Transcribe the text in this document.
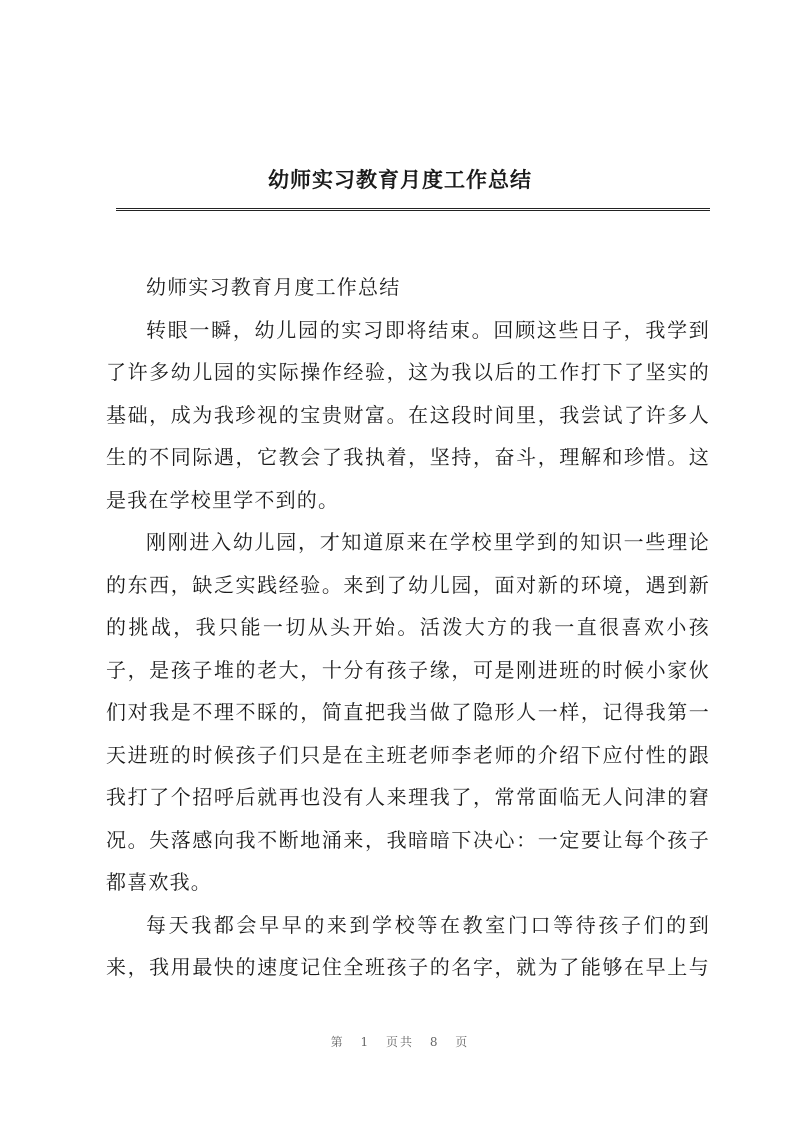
幼师实习教育月度工作总结
幼师实习教育月度工作总结
转眼一瞬，幼儿园的实习即将结束。回顾这些日子，我学到
了许多幼儿园的实际操作经验，这为我以后的工作打下了坚实的
基础，成为我珍视的宝贵财富。在这段时间里，我尝试了许多人
生的不同际遇，它教会了我执着，坚持，奋斗，理解和珍惜。这
是我在学校里学不到的。
刚刚进入幼儿园，才知道原来在学校里学到的知识一些理论
的东西，缺乏实践经验。来到了幼儿园，面对新的环境，遇到新
的挑战，我只能一切从头开始。活泼大方的我一直很喜欢小孩
子，是孩子堆的老大，十分有孩子缘，可是刚进班的时候小家伙
们对我是不理不睬的，简直把我当做了隐形人一样，记得我第一
天进班的时候孩子们只是在主班老师李老师的介绍下应付性的跟
我打了个招呼后就再也没有人来理我了，常常面临无人问津的窘
况。失落感向我不断地涌来，我暗暗下决心：一定要让每个孩子
都喜欢我。
每天我都会早早的来到学校等在教室门口等待孩子们的到
来，我用最快的速度记住全班孩子的名字，就为了能够在早上与
第 1 页共 8 页
